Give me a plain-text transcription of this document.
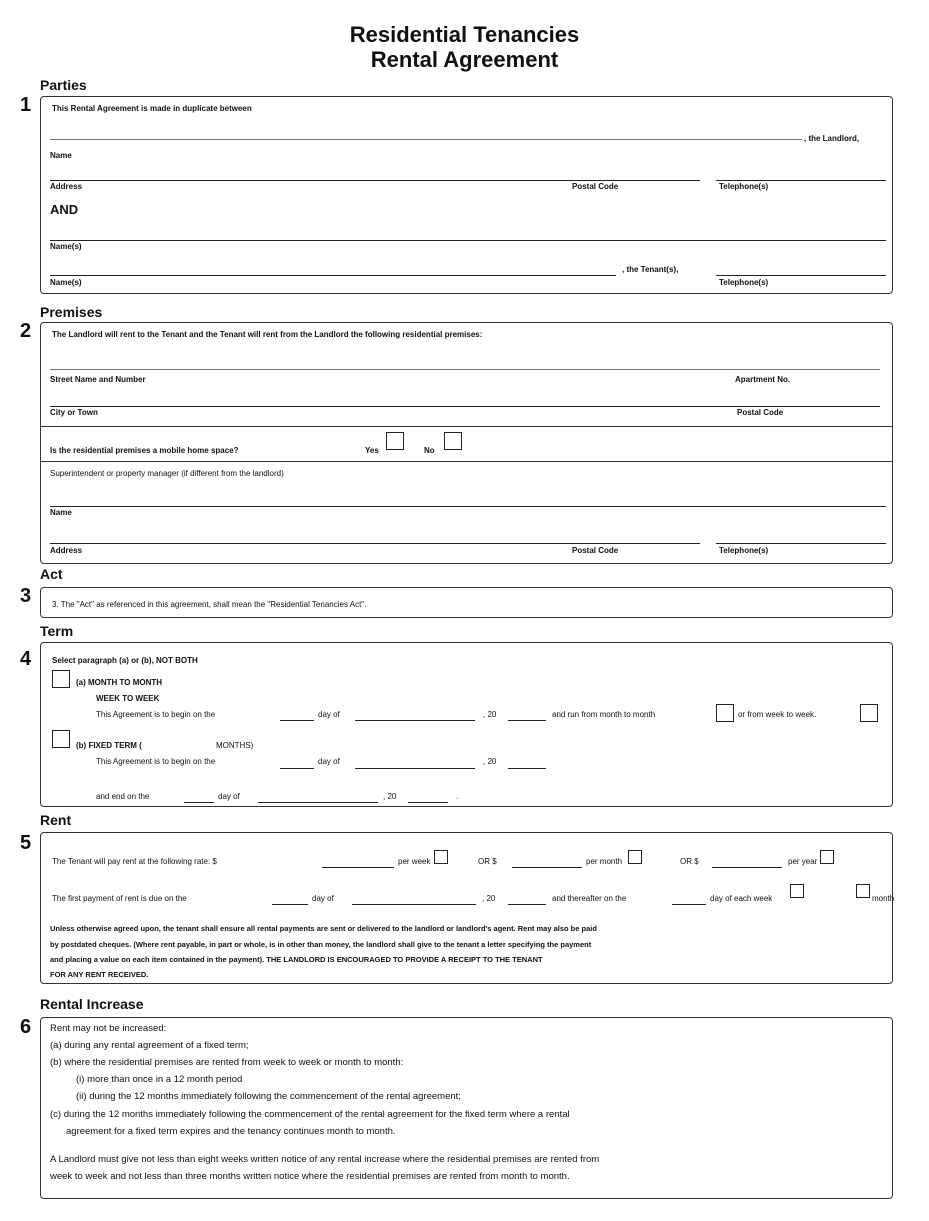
Residential Tenancies
Rental Agreement
Parties
1	This Rental Agreement is made in duplicate between
, the Landlord,
Name
Address	Postal Code	Telephone(s)
AND
Name(s)
, the Tenant(s),
Name(s)	Telephone(s)
Premises
2	The Landlord will rent to the Tenant and the Tenant will rent from the Landlord the following residential premises:
Street Name and Number	Apartment No.
City or Town	Postal Code
Is the residential premises a mobile home space?	Yes	No
Superintendent or property manager (if different from the landlord)
Name
Address	Postal Code	Telephone(s)
Act
3	3. The "Act" as referenced in this agreement, shall mean the "Residential Tenancies Act".
Term
4	Select paragraph (a) or (b), NOT BOTH
(a) MONTH TO MONTH
WEEK TO WEEK
This Agreement is to begin on the	day of	, 20	and run from month to month	or from week to week.
(b) FIXED TERM (	MONTHS)
This Agreement is to begin on the	day of	, 20
and end on the	day of	, 20	.
Rent
5
The Tenant will pay rent at the following rate: $	per week	OR $	per month	OR $	per year
The first payment of rent is due on the	day of	, 20	and thereafter on the	day of each week	month
Unless otherwise agreed upon, the tenant shall ensure all rental payments are sent or delivered to the landlord or landlord's agent. Rent may also be paid
by postdated cheques. (Where rent payable, in part or whole, is in other than money, the landlord shall give to the tenant a letter specifying the payment
and placing a value on each item contained in the payment). THE LANDLORD IS ENCOURAGED TO PROVIDE A RECEIPT TO THE TENANT
FOR ANY RENT RECEIVED.
Rental Increase
6 Rent may not be increased:
(a) during any rental agreement of a fixed term;
(b) where the residential premises are rented from week to week or month to month:
(i) more than once in a 12 month period
(ii) during the 12 months immediately following the commencement of the rental agreement;
(c) during the 12 months immediately following the commencement of the rental agreement for the fixed term where a rental
agreement for a fixed term expires and the tenancy continues month to month.
A Landlord must give not less than eight weeks written notice of any rental increase where the residential premises are rented from
week to week and not less than three months written notice where the residential premises are rented from month to month.
